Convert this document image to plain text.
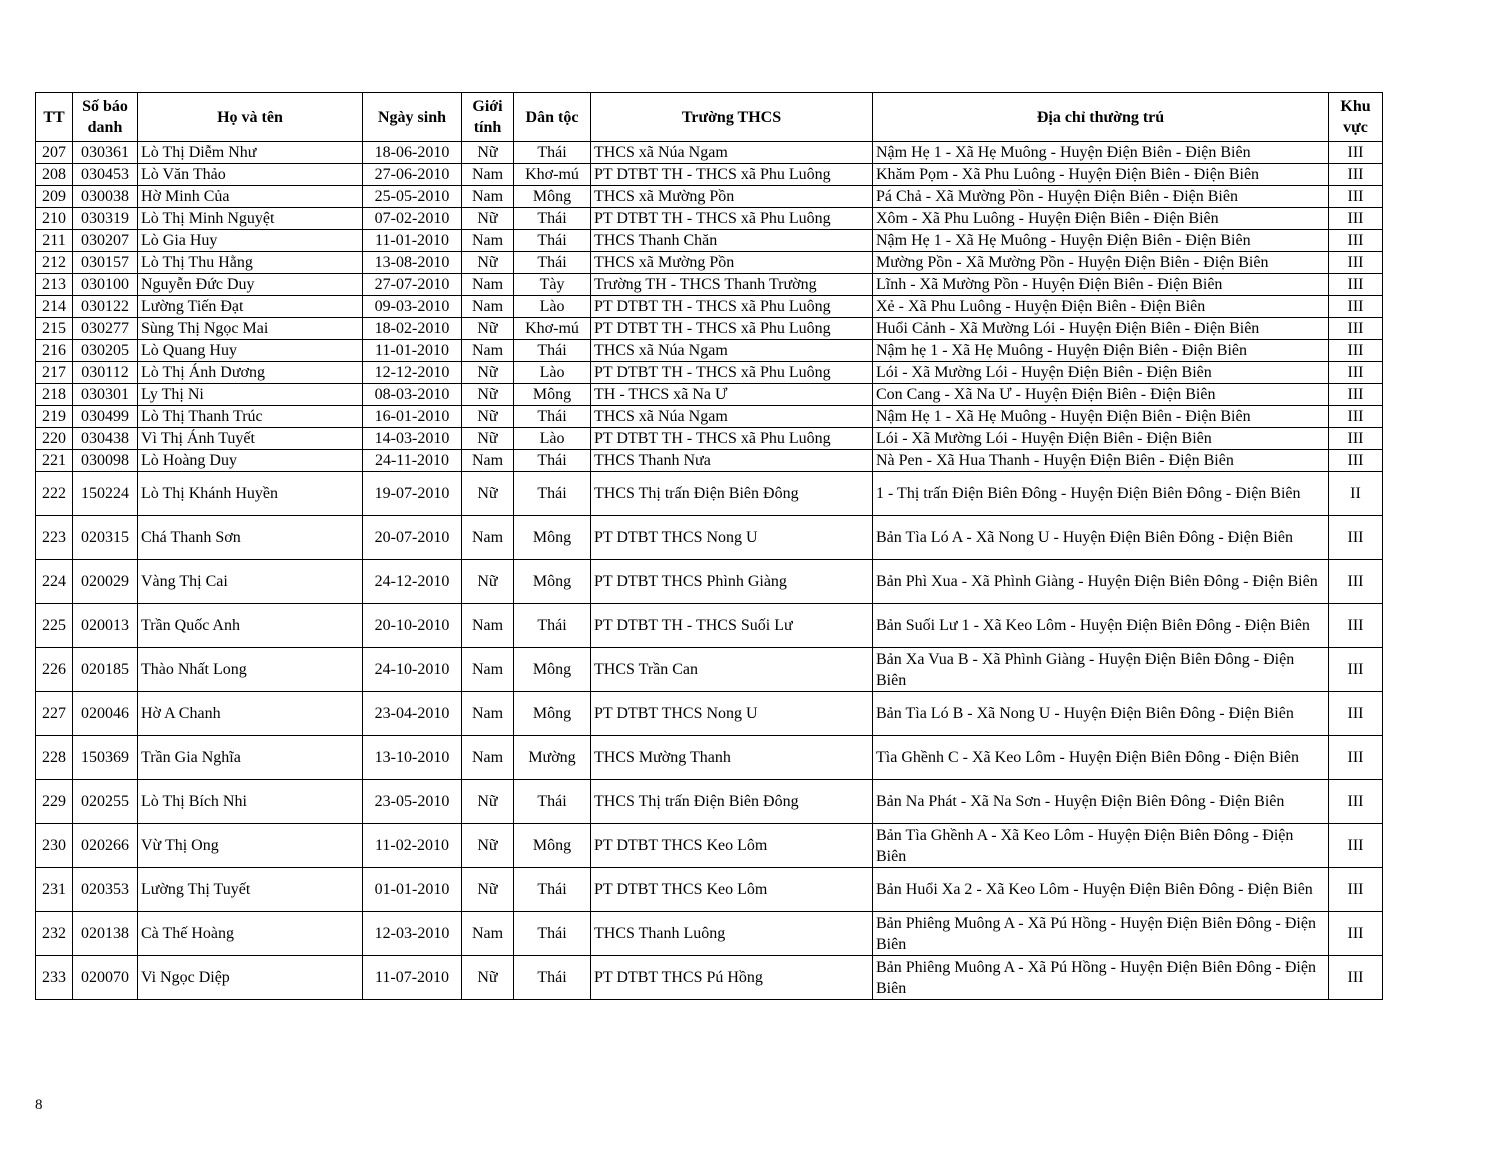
TT	Số báo danh	Họ và tên	Ngày sinh	Giới tính	Dân tộc	Trường THCS	Địa chỉ thường trú	Khu vực
207	030361	Lò Thị Diễm Như	18-06-2010	Nữ	Thái	THCS xã Núa Ngam	Nậm Hẹ 1 - Xã Hẹ Muông - Huyện Điện Biên - Điện Biên	III
208	030453	Lò Văn Thảo	27-06-2010	Nam	Khơ-mú	PT DTBT TH - THCS xã Phu Luông	Khăm Pọm - Xã Phu Luông - Huyện Điện Biên - Điện Biên	III
209	030038	Hờ Minh Của	25-05-2010	Nam	Mông	THCS xã Mường Pồn	Pá Chả - Xã Mường Pồn - Huyện Điện Biên - Điện Biên	III
210	030319	Lò Thị Minh Nguyệt	07-02-2010	Nữ	Thái	PT DTBT TH - THCS xã Phu Luông	Xôm - Xã Phu Luông - Huyện Điện Biên - Điện Biên	III
211	030207	Lò Gia Huy	11-01-2010	Nam	Thái	THCS Thanh Chăn	Nậm Hẹ 1 - Xã Hẹ Muông - Huyện Điện Biên - Điện Biên	III
212	030157	Lò Thị Thu Hằng	13-08-2010	Nữ	Thái	THCS xã Mường Pồn	Mường Pồn - Xã Mường Pồn - Huyện Điện Biên - Điện Biên	III
213	030100	Nguyễn Đức Duy	27-07-2010	Nam	Tày	Trường TH - THCS Thanh Trường	Lĩnh - Xã Mường Pồn - Huyện Điện Biên - Điện Biên	III
214	030122	Lường Tiến Đạt	09-03-2010	Nam	Lào	PT DTBT TH - THCS xã Phu Luông	Xẻ - Xã Phu Luông - Huyện Điện Biên - Điện Biên	III
215	030277	Sùng Thị Ngọc Mai	18-02-2010	Nữ	Khơ-mú	PT DTBT TH - THCS xã Phu Luông	Huổi Cảnh - Xã Mường Lói - Huyện Điện Biên - Điện Biên	III
216	030205	Lò Quang Huy	11-01-2010	Nam	Thái	THCS xã Núa Ngam	Nậm hẹ 1 - Xã Hẹ Muông - Huyện Điện Biên - Điện Biên	III
217	030112	Lò Thị Ánh Dương	12-12-2010	Nữ	Lào	PT DTBT TH - THCS xã Phu Luông	Lói - Xã Mường Lói - Huyện Điện Biên - Điện Biên	III
218	030301	Ly Thị Ni	08-03-2010	Nữ	Mông	TH - THCS xã Na Ư	Con Cang - Xã Na Ư - Huyện Điện Biên - Điện Biên	III
219	030499	Lò Thị Thanh Trúc	16-01-2010	Nữ	Thái	THCS xã Núa Ngam	Nậm Hẹ 1 - Xã Hẹ Muông - Huyện Điện Biên - Điện Biên	III
220	030438	Vì Thị Ánh Tuyết	14-03-2010	Nữ	Lào	PT DTBT TH - THCS xã Phu Luông	Lói - Xã Mường Lói - Huyện Điện Biên - Điện Biên	III
221	030098	Lò Hoàng Duy	24-11-2010	Nam	Thái	THCS Thanh Nưa	Nà Pen - Xã Hua Thanh - Huyện Điện Biên - Điện Biên	III
222	150224	Lò Thị Khánh Huyền	19-07-2010	Nữ	Thái	THCS Thị trấn Điện Biên Đông	1 - Thị trấn Điện Biên Đông - Huyện Điện Biên Đông - Điện Biên	II
223	020315	Chá Thanh Sơn	20-07-2010	Nam	Mông	PT DTBT THCS Nong U	Bản Tìa Ló A - Xã Nong U - Huyện Điện Biên Đông - Điện Biên	III
224	020029	Vàng Thị Cai	24-12-2010	Nữ	Mông	PT DTBT THCS Phình Giàng	Bản Phì Xua - Xã Phình Giàng - Huyện Điện Biên Đông - Điện Biên	III
225	020013	Trần Quốc Anh	20-10-2010	Nam	Thái	PT DTBT TH - THCS Suối Lư	Bản Suối Lư 1 - Xã Keo Lôm - Huyện Điện Biên Đông - Điện Biên	III
226	020185	Thào Nhất Long	24-10-2010	Nam	Mông	THCS Trần Can	Bản Xa Vua B - Xã Phình Giàng - Huyện Điện Biên Đông - Điện Biên	III
227	020046	Hờ A Chanh	23-04-2010	Nam	Mông	PT DTBT THCS Nong U	Bản Tìa Ló B - Xã Nong U - Huyện Điện Biên Đông - Điện Biên	III
228	150369	Trần Gia Nghĩa	13-10-2010	Nam	Mường	THCS Mường Thanh	Tìa Ghềnh C - Xã Keo Lôm - Huyện Điện Biên Đông - Điện Biên	III
229	020255	Lò Thị Bích Nhi	23-05-2010	Nữ	Thái	THCS Thị trấn Điện Biên Đông	Bản Na Phát - Xã Na Sơn - Huyện Điện Biên Đông - Điện Biên	III
230	020266	Vừ Thị Ong	11-02-2010	Nữ	Mông	PT DTBT THCS Keo Lôm	Bản Tìa Ghềnh A - Xã Keo Lôm - Huyện Điện Biên Đông - Điện Biên	III
231	020353	Lường Thị Tuyết	01-01-2010	Nữ	Thái	PT DTBT THCS Keo Lôm	Bản Huổi Xa 2 - Xã Keo Lôm - Huyện Điện Biên Đông - Điện Biên	III
232	020138	Cà Thế Hoàng	12-03-2010	Nam	Thái	THCS Thanh Luông	Bản Phiêng Muông A - Xã Pú Hồng - Huyện Điện Biên Đông - Điện Biên	III
233	020070	Vi Ngọc Diệp	11-07-2010	Nữ	Thái	PT DTBT THCS Pú Hồng	Bản Phiêng Muông A - Xã Pú Hồng - Huyện Điện Biên Đông - Điện Biên	III
8
